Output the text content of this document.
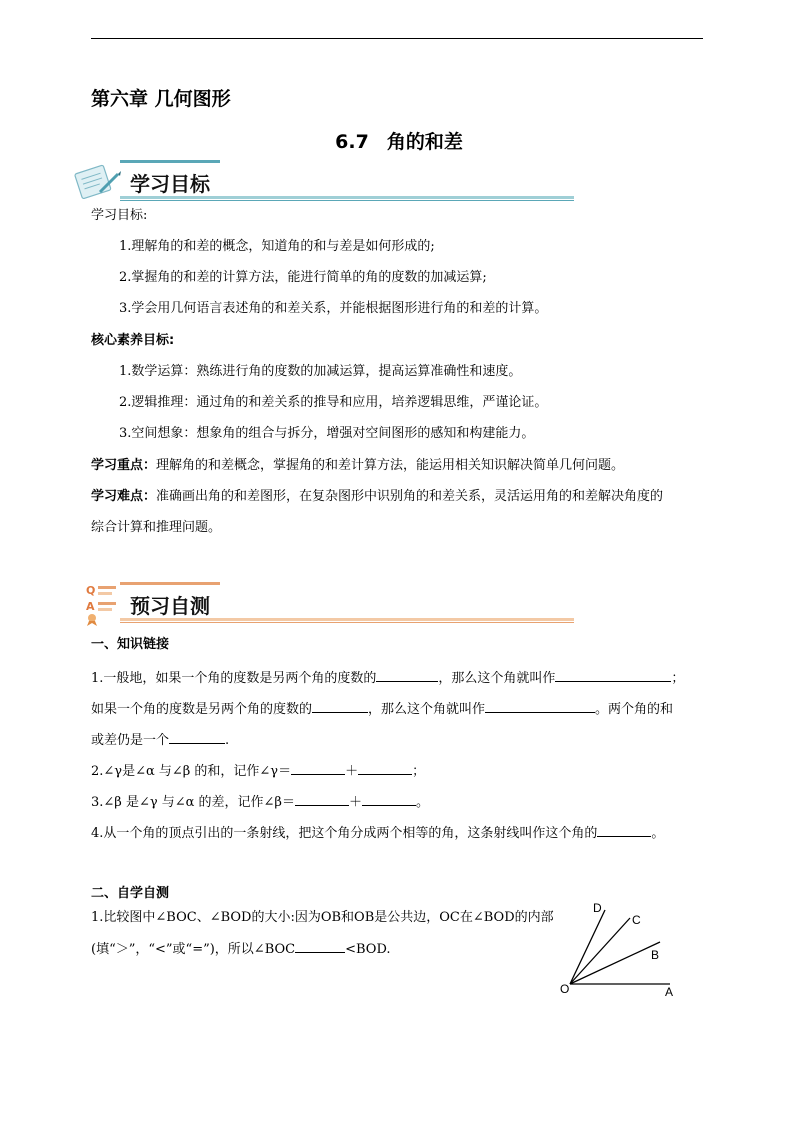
第六章 几何图形
6.7 角的和差
学习目标
学习目标:
1.理解角的和差的概念，知道角的和与差是如何形成的;
2.掌握角的和差的计算方法，能进行简单的角的度数的加减运算;
3.学会用几何语言表述角的和差关系，并能根据图形进行角的和差的计算。
核心素养目标:
1.数学运算：熟练进行角的度数的加减运算，提高运算准确性和速度。
2.逻辑推理：通过角的和差关系的推导和应用，培养逻辑思维，严谨论证。
3.空间想象：想象角的组合与拆分，增强对空间图形的感知和构建能力。
学习重点：理解角的和差概念，掌握角的和差计算方法，能运用相关知识解决简单几何问题。
学习难点：准确画出角的和差图形，在复杂图形中识别角的和差关系，灵活运用角的和差解决角度的
综合计算和推理问题。
Q
A 预习自测
一、知识链接
1.一般地，如果一个角的度数是另两个角的度数的	，那么这个角就叫作	；
如果一个角的度数是另两个角的度数的	，那么这个角就叫作	。两个角的和
或差仍是一个	.
2.∠γ是∠α 与∠β 的和，记作∠γ＝	＋	；
3.∠β 是∠γ 与∠α 的差，记作∠β＝	＋	。
4.从一个角的顶点引出的一条射线，把这个角分成两个相等的角，这条射线叫作这个角的	。
二、自学自测
1.比较图中∠BOC、∠BOD的大小:因为OB和OB是公共边，OC在∠BOD的内部
(填“＞”，“<”或“=”)，所以∠BOC	<BOD.
D
C
B
O	A
